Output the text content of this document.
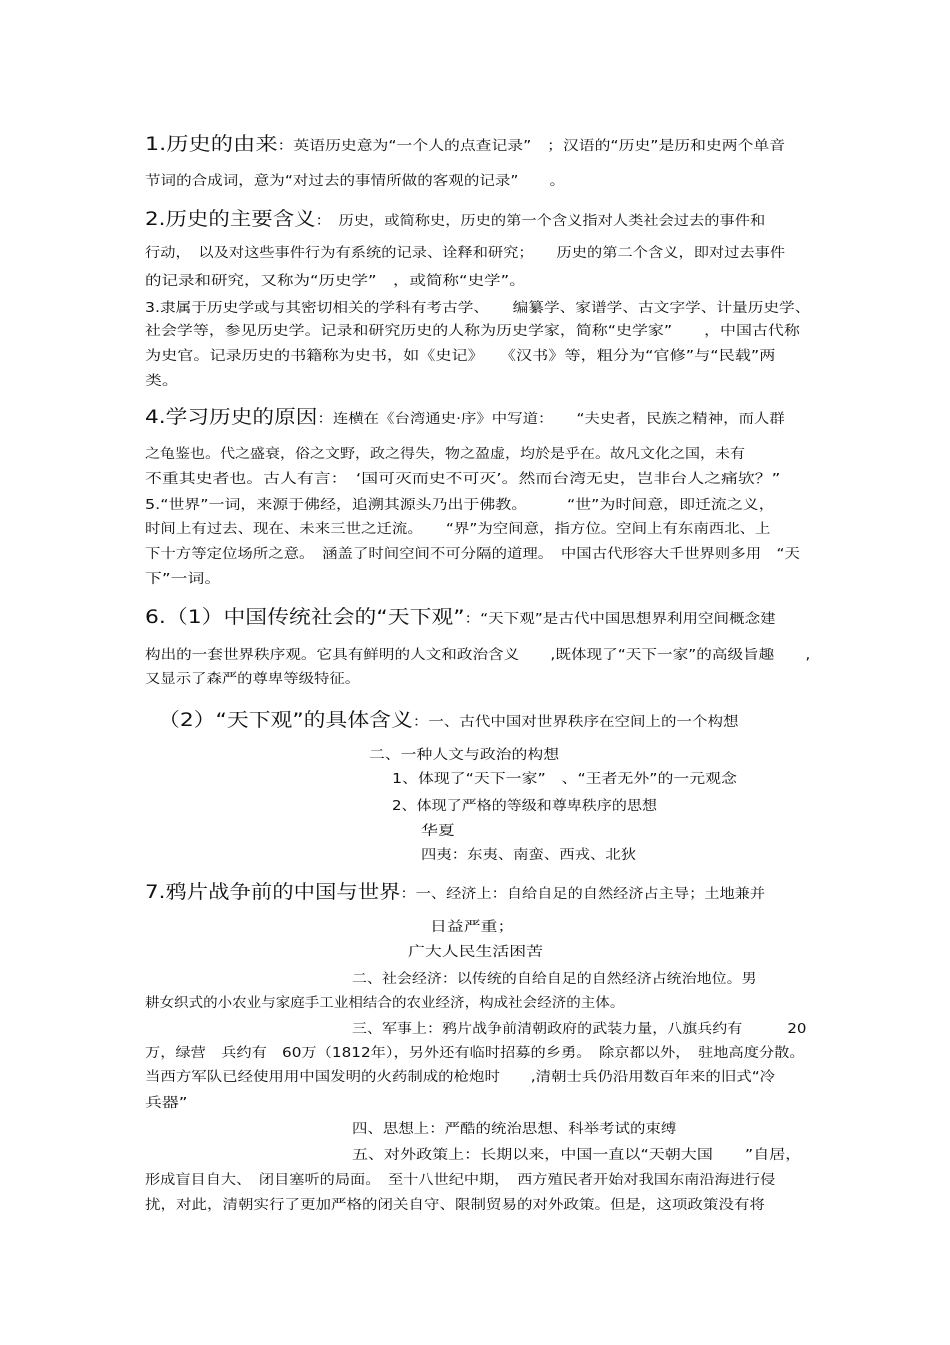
1.历史的由来：英语历史意为“一个人的点查记录”　；汉语的“历史”是历和史两个单音
节词的合成词，意为“对过去的事情所做的客观的记录”　　。
2.历史的主要含义：　历史，或简称史，历史的第一个含义指对人类社会过去的事件和
行动，　以及对这些事件行为有系统的记录、诠释和研究；　　历史的第二个含义，即对过去事件
的记录和研究，又称为“历史学”　，或简称“史学”。
3.隶属于历史学或与其密切相关的学科有考古学、　　编纂学、家谱学、古文字学、计量历史学、
社会学等，参见历史学。记录和研究历史的人称为历史学家，简称“史学家”　　，中国古代称
为史官。记录历史的书籍称为史书，如《史记》　　《汉书》等，粗分为“官修”与“民载”两
类。
4.学习历史的原因：连横在《台湾通史·序》中写道：　　“夫史者，民族之精神，而人群
之龟鉴也。代之盛衰，俗之文野，政之得失，物之盈虚，均於是乎在。故凡文化之国，未有
不重其史者也。古人有言：　‘国可灭而史不可灭’。然而台湾无史，岂非台人之痛欤？”
5.“世界”一词，来源于佛经，追溯其源头乃出于佛教。　　　“世”为时间意，即迁流之义，
时间上有过去、现在、未来三世之迁流。　　“界”为空间意，指方位。空间上有东南西北、上
下十方等定位场所之意。　涵盖了时间空间不可分隔的道理。　中国古代形容大千世界则多用　“天
下”一词。
6.（1）中国传统社会的“天下观”：“天下观”是古代中国思想界利用空间概念建
构出的一套世界秩序观。它具有鲜明的人文和政治含义　　,既体现了“天下一家”的高级旨趣　　,
又显示了森严的尊卑等级特征。
（2）“天下观”的具体含义：一、古代中国对世界秩序在空间上的一个构想
二、一种人文与政治的构想
1、体现了“天下一家”　、“王者无外”的一元观念
2、体现了严格的等级和尊卑秩序的思想
华夏
四夷：东夷、南蛮、西戎、北狄
7.鸦片战争前的中国与世界：一、经济上：自给自足的自然经济占主导；土地兼并
日益严重；
广大人民生活困苦
二、社会经济：以传统的自给自足的自然经济占统治地位。男
耕女织式的小农业与家庭手工业相结合的农业经济，构成社会经济的主体。
三、军事上：鸦片战争前清朝政府的武装力量，八旗兵约有　　　20
万，绿营　兵约有　60万（1812年），另外还有临时招募的乡勇。　除京都以外，　驻地高度分散。
当西方军队已经使用用中国发明的火药制成的枪炮时　　,清朝士兵仍沿用数百年来的旧式“冷
兵器”
四、思想上：严酷的统治思想、科举考试的束缚
五、对外政策上：长期以来，中国一直以“天朝大国　　”自居，
形成盲目自大、　闭目塞听的局面。　至十八世纪中期，　西方殖民者开始对我国东南沿海进行侵
扰，对此，清朝实行了更加严格的闭关自守、限制贸易的对外政策。但是，这项政策没有将
